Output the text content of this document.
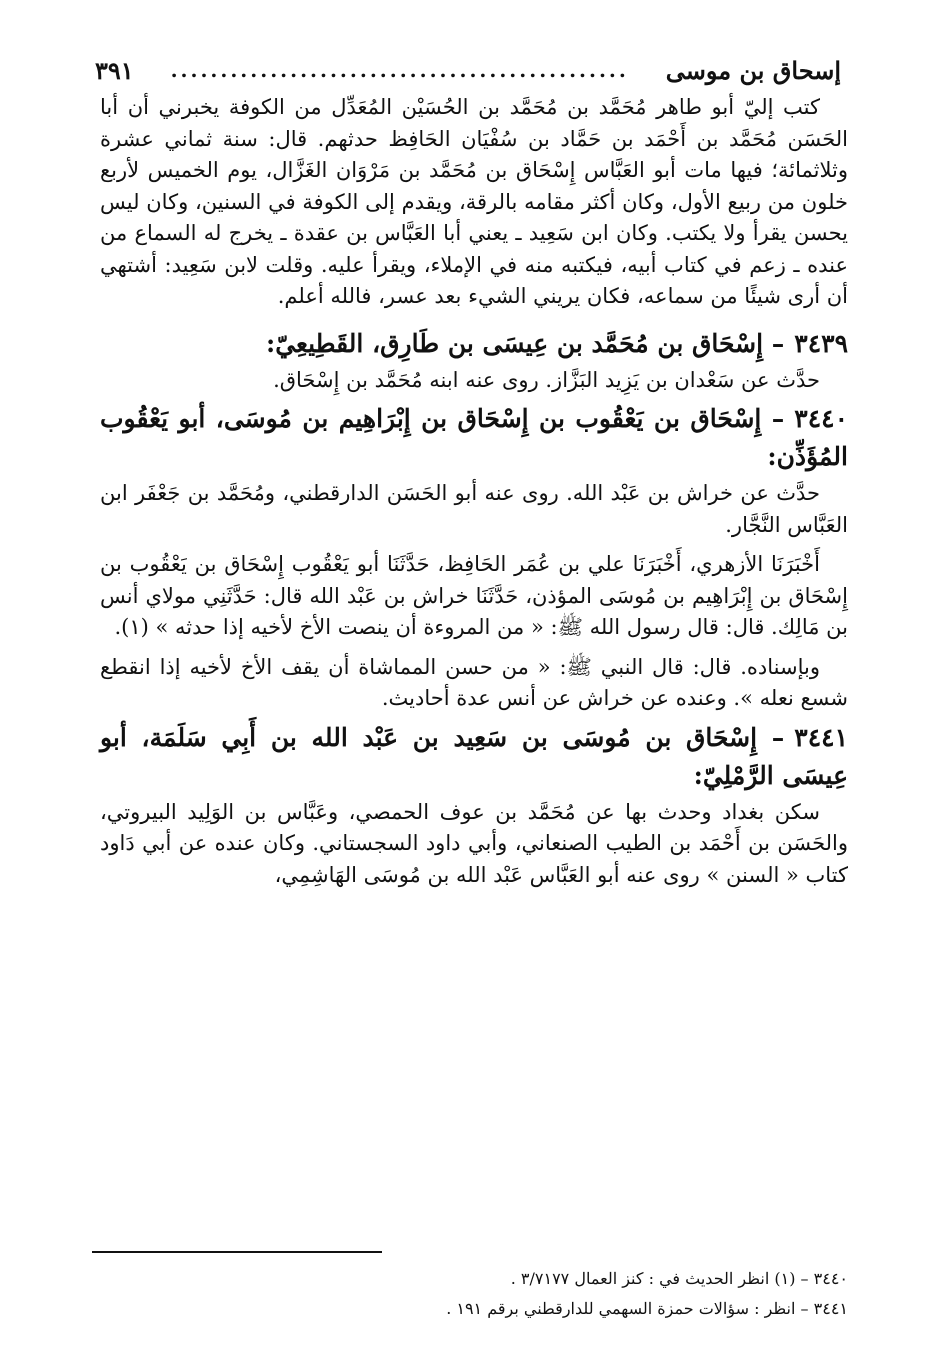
إسحاق بن موسى
..............................................
٣٩١

كتب إليّ أبو طاهر مُحَمَّد بن مُحَمَّد بن الحُسَيْن المُعَدِّل من الكوفة يخبرني أن أبا الحَسَن مُحَمَّد بن أَحْمَد بن حَمَّاد بن سُفْيَان الحَافِظ حدثهم. قال: سنة ثماني عشرة وثلاثمائة؛ فيها مات أبو العَبَّاس إِسْحَاق بن مُحَمَّد بن مَرْوَان الغَزَّال، يوم الخميس لأربع خلون من ربيع الأول، وكان أكثر مقامه بالرقة، ويقدم إلى الكوفة في السنين، وكان ليس يحسن يقرأ ولا يكتب. وكان ابن سَعِيد ـ يعني أبا العَبَّاس بن عقدة ـ يخرج له السماع من عنده ـ زعم في كتاب أبيه، فيكتبه منه في الإملاء، ويقرأ عليه. وقلت لابن سَعِيد: أشتهي أن أرى شيئًا من سماعه، فكان يريني الشيء بعد عسر، فالله أعلم.

٣٤٣٩– إِسْحَاق بن مُحَمَّد بن عِيسَى بن طَارِق، القَطِيعِيّ:

حدَّث عن سَعْدان بن يَزِيد البَزَّاز. روى عنه ابنه مُحَمَّد بن إِسْحَاق.

٣٤٤٠– إِسْحَاق بن يَعْقُوب بن إِسْحَاق بن إِبْرَاهِيم بن مُوسَى، أبو يَعْقُوب المُؤَذِّن:

حدَّث عن خراش بن عَبْد الله. روى عنه أبو الحَسَن الدارقطني، ومُحَمَّد بن جَعْفَر ابن العَبَّاس النَّجَّار.

أَخْبَرَنَا الأزهري، أَخْبَرَنَا علي بن عُمَر الحَافِظ، حَدَّثَنَا أبو يَعْقُوب إِسْحَاق بن يَعْقُوب بن إِسْحَاق بن إِبْرَاهِيم بن مُوسَى المؤذن، حَدَّثَنَا خراش بن عَبْد الله قال: حَدَّثَنِي مولاي أنس بن مَالِك. قال: قال رسول الله ﷺ: « من المروءة أن ينصت الأخ لأخيه إذا حدثه » (١).

وبإسناده. قال: قال النبي ﷺ: « من حسن المماشاة أن يقف الأخ لأخيه إذا انقطع شسع نعله ». وعنده عن خراش عن أنس عدة أحاديث.

٣٤٤١– إِسْحَاق بن مُوسَى بن سَعِيد بن عَبْد الله بن أَبِي سَلَمَة، أبو عِيسَى الرَّمْلِيّ:

سكن بغداد وحدث بها عن مُحَمَّد بن عوف الحمصي، وعَبَّاس بن الوَلِيد البيروتي، والحَسَن بن أَحْمَد بن الطيب الصنعاني، وأبي داود السجستاني. وكان عنده عن أبي دَاود كتاب « السنن » روى عنه أبو العَبَّاس عَبْد الله بن مُوسَى الهَاشِمِي،

٣٤٤٠ – (١) انظر الحديث في : كنز العمال ٣/٧١٧٧ .

٣٤٤١ – انظر : سؤالات حمزة السهمي للدارقطني برقم ١٩١ .
